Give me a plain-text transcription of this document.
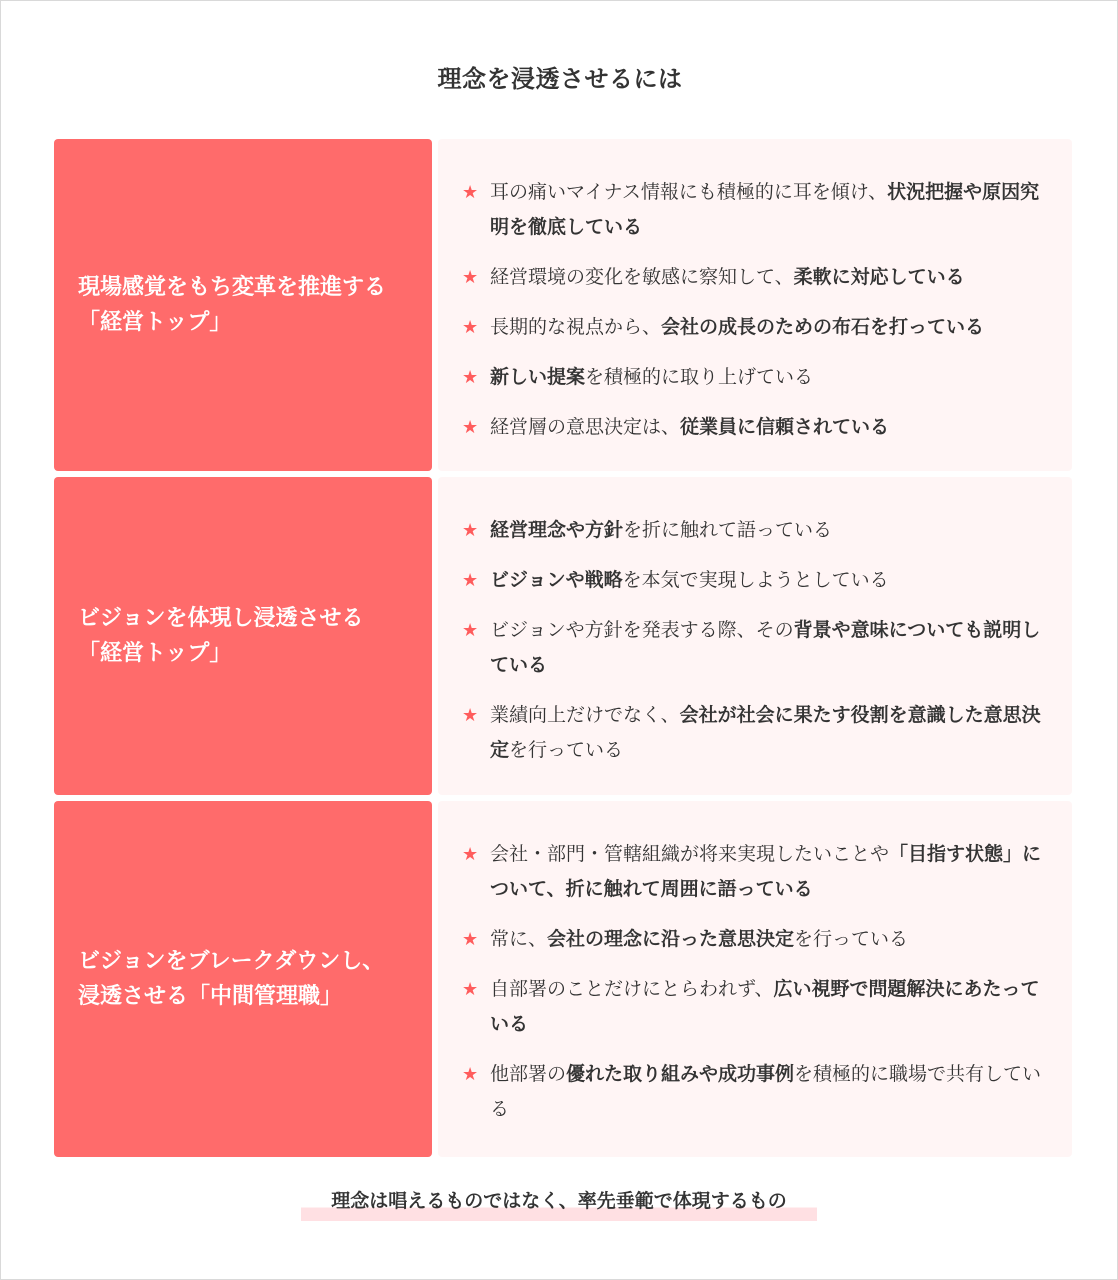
理念を浸透させるには
現場感覚をもち変革を推進する
「経営トップ」
★ 耳の痛いマイナス情報にも積極的に耳を傾け、状況把握や原因究明を徹底している
★ 経営環境の変化を敏感に察知して、柔軟に対応している
★ 長期的な視点から、会社の成長のための布石を打っている
★ 新しい提案を積極的に取り上げている
★ 経営層の意思決定は、従業員に信頼されている
ビジョンを体現し浸透させる
「経営トップ」
★ 経営理念や方針を折に触れて語っている
★ ビジョンや戦略を本気で実現しようとしている
★ ビジョンや方針を発表する際、その背景や意味についても説明している
★ 業績向上だけでなく、会社が社会に果たす役割を意識した意思決定を行っている
ビジョンをブレークダウンし、
浸透させる「中間管理職」
★ 会社・部門・管轄組織が将来実現したいことや「目指す状態」について、折に触れて周囲に語っている
★ 常に、会社の理念に沿った意思決定を行っている
★ 自部署のことだけにとらわれず、広い視野で問題解決にあたっている
★ 他部署の優れた取り組みや成功事例を積極的に職場で共有している
理念は唱えるものではなく、率先垂範で体現するもの
